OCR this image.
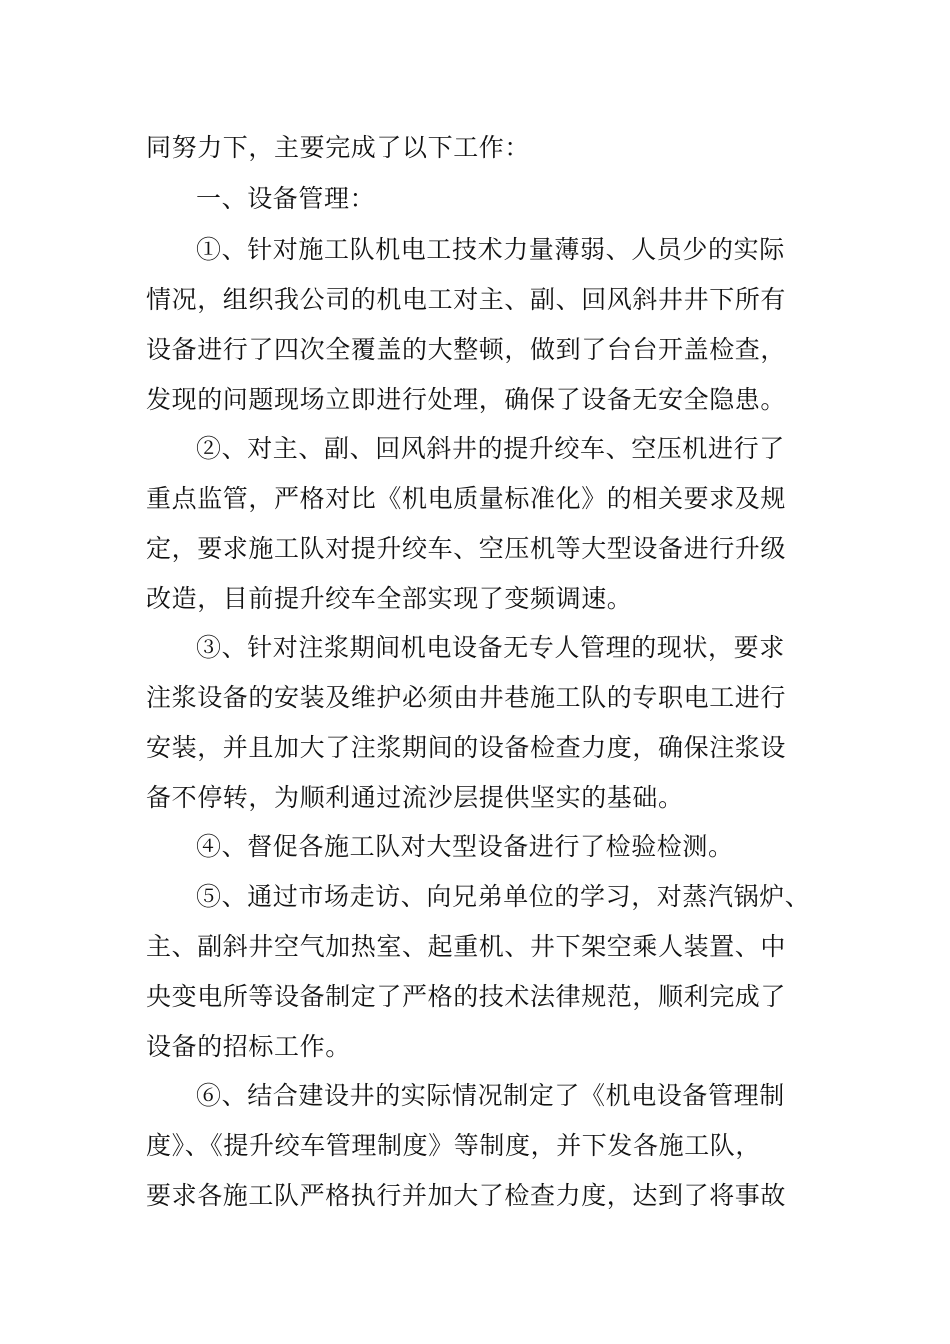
同努力下，主要完成了以下工作：

一、设备管理：

①、针对施工队机电工技术力量薄弱、人员少的实际

情况，组织我公司的机电工对主、副、回风斜井井下所有

设备进行了四次全覆盖的大整顿，做到了台台开盖检查，

发现的问题现场立即进行处理，确保了设备无安全隐患。

②、对主、副、回风斜井的提升绞车、空压机进行了

重点监管，严格对比《机电质量标准化》的相关要求及规

定，要求施工队对提升绞车、空压机等大型设备进行升级

改造，目前提升绞车全部实现了变频调速。

③、针对注浆期间机电设备无专人管理的现状，要求

注浆设备的安装及维护必须由井巷施工队的专职电工进行

安装，并且加大了注浆期间的设备检查力度，确保注浆设

备不停转，为顺利通过流沙层提供坚实的基础。

④、督促各施工队对大型设备进行了检验检测。

⑤、通过市场走访、向兄弟单位的学习，对蒸汽锅炉、

主、副斜井空气加热室、起重机、井下架空乘人装置、中

央变电所等设备制定了严格的技术法律规范，顺利完成了

设备的招标工作。

⑥、结合建设井的实际情况制定了《机电设备管理制

度》、《提升绞车管理制度》等制度，并下发各施工队，

要求各施工队严格执行并加大了检查力度，达到了将事故
